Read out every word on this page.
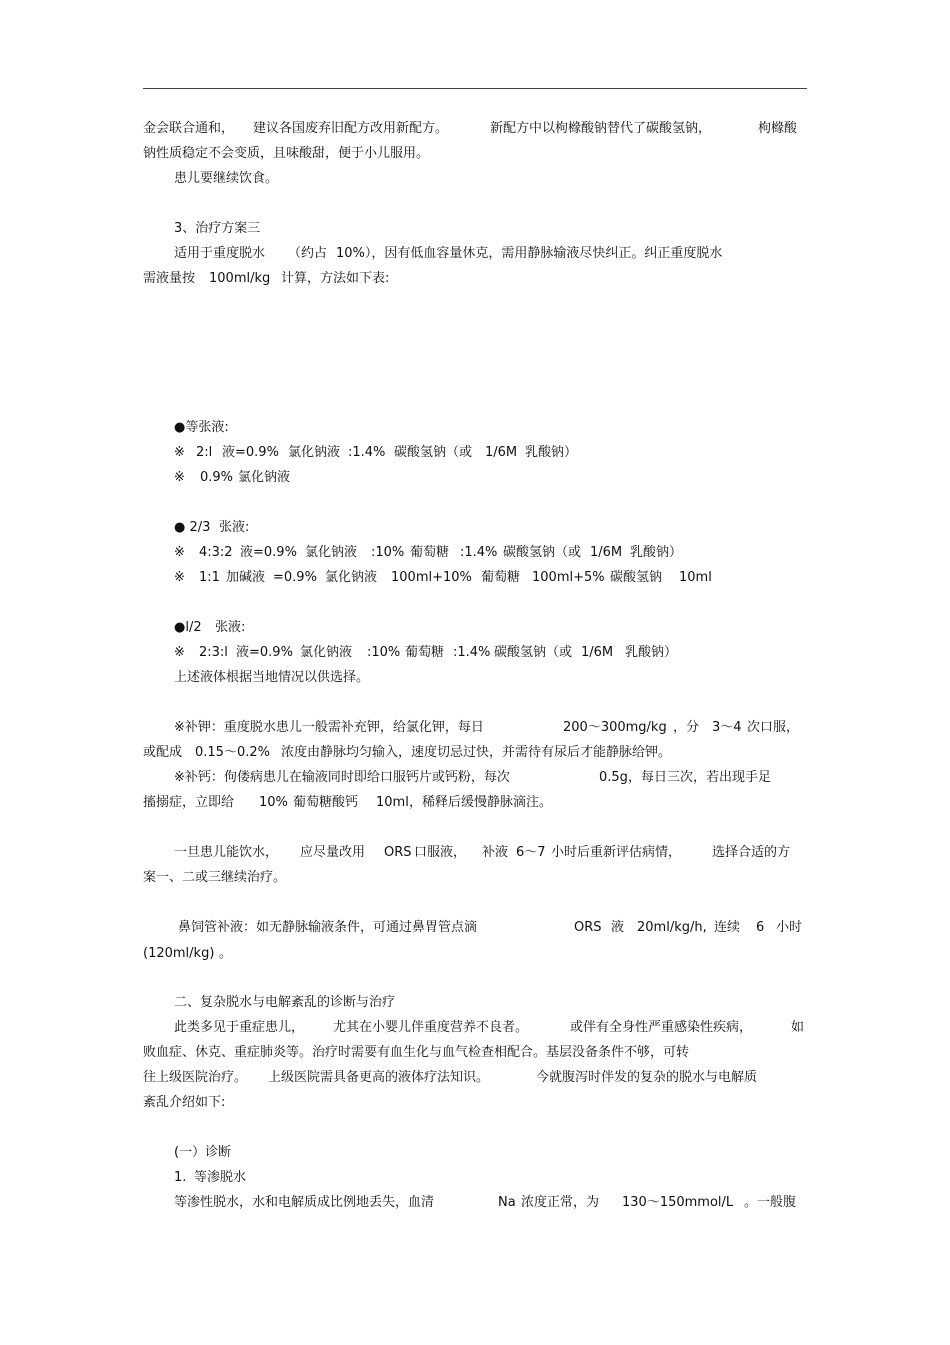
金会联合通和， 建议各国废弃旧配方改用新配方。	新配方中以枸橼酸钠替代了碳酸氢钠，	枸橼酸
钠性质稳定不会变质，且味酸甜，便于小儿服用。
患儿要继续饮食。
3、治疗方案三
适用于重度脱水 （约占 10%），因有低血容量休克，需用静脉输液尽快纠正。纠正重度脱水
需液量按 100ml/kg 计算，方法如下表:
●等张液:
※ 2:l 液=0.9% 氯化钠液 :1.4% 碳酸氢钠（或 1/6M 乳酸钠）
※ 0.9% 氯化钠液
● 2/3 张液:
※ 4:3:2 液=0.9% 氯化钠液 :10% 葡萄糖 :1.4% 碳酸氢钠（或 1/6M 乳酸钠）
※ 1:1 加碱液 =0.9% 氯化钠液 100ml+10% 葡萄糖 100ml+5% 碳酸氢钠 10ml
●l/2 张液:
※ 2:3:l 液=0.9% 氯化钠液 :10% 葡萄糖 :1.4% 碳酸氢钠（或 1/6M 乳酸钠）
上述液体根据当地情况以供选择。
※补钾：重度脱水患儿一般需补充钾，给氯化钾，每日	200～300mg/kg ，分 3～4 次口服，
或配成 0.15～0.2% 浓度由静脉均匀输入，速度切忌过快，并需待有尿后才能静脉给钾。
※补钙：佝偻病患儿在输液同时即给口服钙片或钙粉，每次	0.5g ，每日三次，若出现手足
搐搦症，立即给 10% 葡萄糖酸钙 10ml ，稀释后缓慢静脉滴注。
一旦患儿能饮水， 应尽量改用 ORS 口服液， 补液 6～7 小时后重新评估病情， 选择合适的方
案一、二或三继续治疗。
鼻饲管补液：如无静脉输液条件，可通过鼻胃管点滴	ORS 液 20ml/kg/h, 连续 6 小时
(120ml/kg) 。
二、复杂脱水与电解紊乱的诊断与治疗
此类多见于重症患儿， 尤其在小婴儿伴重度营养不良者。	或伴有全身性严重感染性疾病，	如
败血症、休克、重症肺炎等。治疗时需要有血生化与血气检查相配合。基层没备条件不够，可转
往上级医院治疗。 上级医院需具备更高的液体疗法知识。	今就腹泻时伴发的复杂的脱水与电解质
紊乱介绍如下:
(一）诊断
1. 等渗脱水
等渗性脱水，水和电解质成比例地丢失，血清	Na 浓度正常，为 130～150mmol/L 。一般腹
